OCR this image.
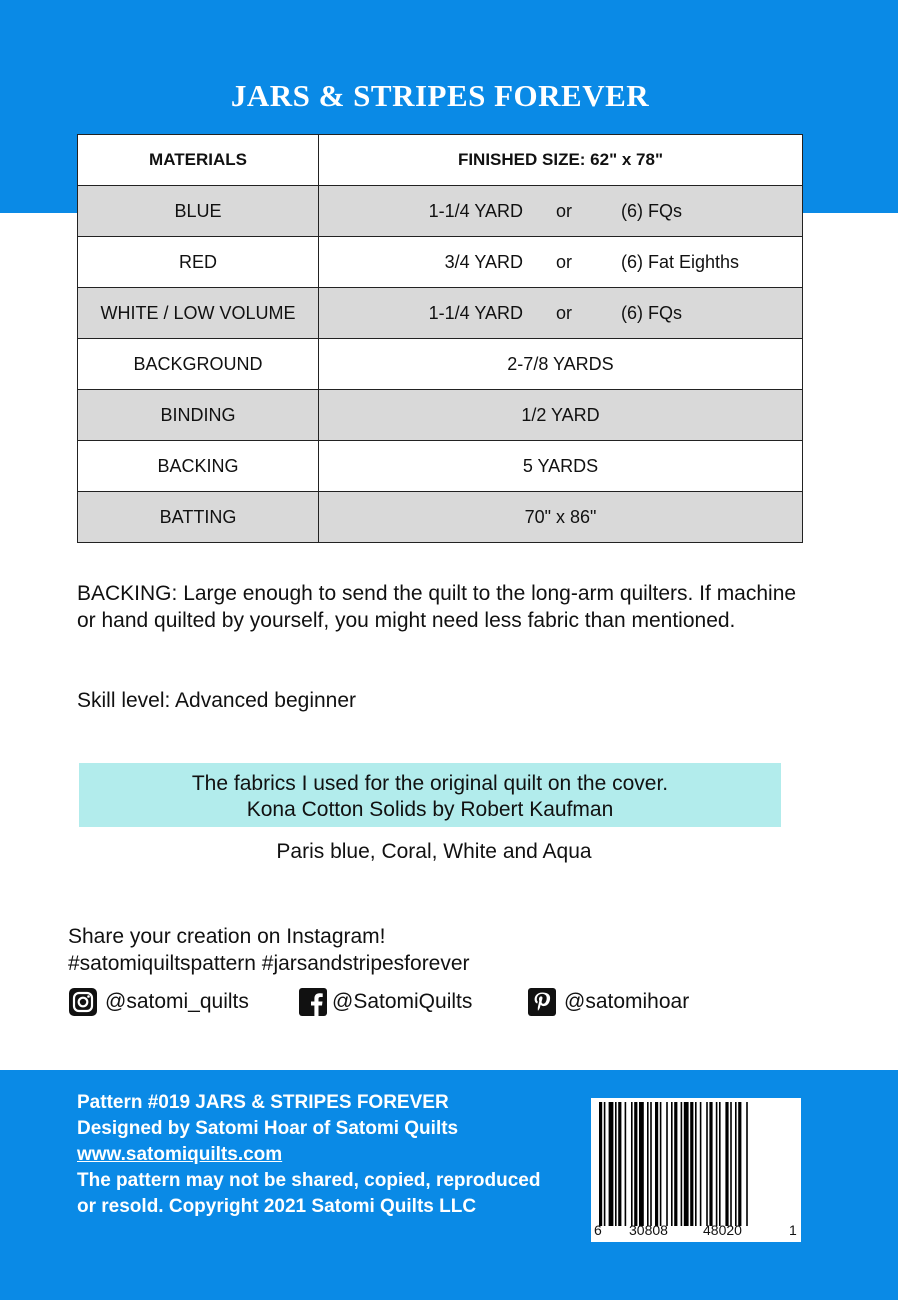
JARS & STRIPES FOREVER
MATERIALS	FINISHED SIZE: 62" x 78"
BLUE	1-1/4 YARD or (6) FQs

RED	3/4 YARD or (6) Fat Eighths

WHITE / LOW VOLUME	1-1/4 YARD or (6) FQs

BACKGROUND	2-7/8 YARDS
BINDING	1/2 YARD
BACKING	5 YARDS
BATTING	70" x 86"
BACKING: Large enough to send the quilt to the long-arm quilters. If machine or hand quilted by yourself, you might need less fabric than mentioned.
Skill level: Advanced beginner
The fabrics I used for the original quilt on the cover.
Kona Cotton Solids by Robert Kaufman
Paris blue, Coral, White and Aqua
Share your creation on Instagram!
#satomiquiltspattern #jarsandstripesforever
@satomi_quilts	@SatomiQuilts	@satomihoar
Pattern #019 JARS & STRIPES FOREVER
Designed by Satomi Hoar of Satomi Quilts
www.satomiquilts.com
The pattern may not be shared, copied, reproduced or resold. Copyright 2021 Satomi Quilts LLC
6 30808	48020	1
